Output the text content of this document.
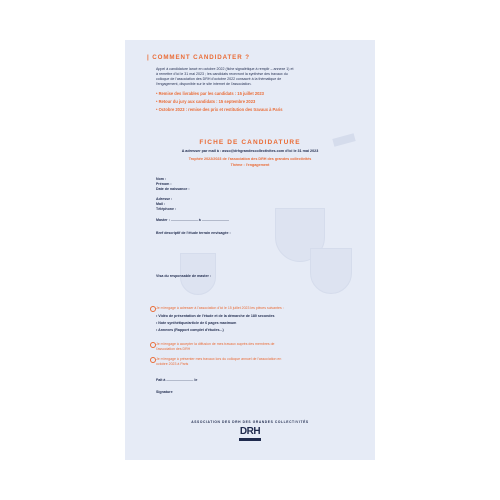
| COMMENT CANDIDATER ?
Appel à candidature lancé en octobre 2022 (fiche signalétique à remplir – annexe 1) et
à remettre d'ici le 31 mai 2023 ; les candidats recevront la synthèse des travaux du
colloque de l'association des DRH d'octobre 2022 consacré à la thématique de
l'engagement, disponible sur le site internet de l'association.
• Remise des livrables par les candidats : 15 juillet 2023
• Retour du jury aux candidats : 15 septembre 2023
• Octobre 2023 : remise des prix et restitution des travaux à Paris
FICHE DE CANDIDATURE
A adresser par mail à : asso@drhgrandescollectivites.com d'ici le 31 mai 2023
Trophée 2022/2023 de l'association des DRH des grandes collectivités
Thème : l'engagement
Nom :
Prénom :
Date de naissance :
Adresse :
Mail :
Téléphone :
Master : ........................... à ...........................
Bref descriptif de l'étude terrain envisagée :
Visa du responsable de master :
Je m'engage à adresser à l'association d'ici le 15 juillet 2023 les pièces suivantes :
• Vidéo de présentation de l'étude et de la démarche de 180 secondes
• Note synthétique/article de 6 pages maximum
• Annexes (Rapport complet d'études...)
Je m'engage à accepter la diffusion de mes travaux auprès des membres de
l'association des DRH
Je m'engage à présenter mes travaux lors du colloque annuel de l'association en
octobre 2023 à Paris
Fait à ........................... le
Signature
ASSOCIATION DES DRH DES GRANDES COLLECTIVITÉS
DRH
